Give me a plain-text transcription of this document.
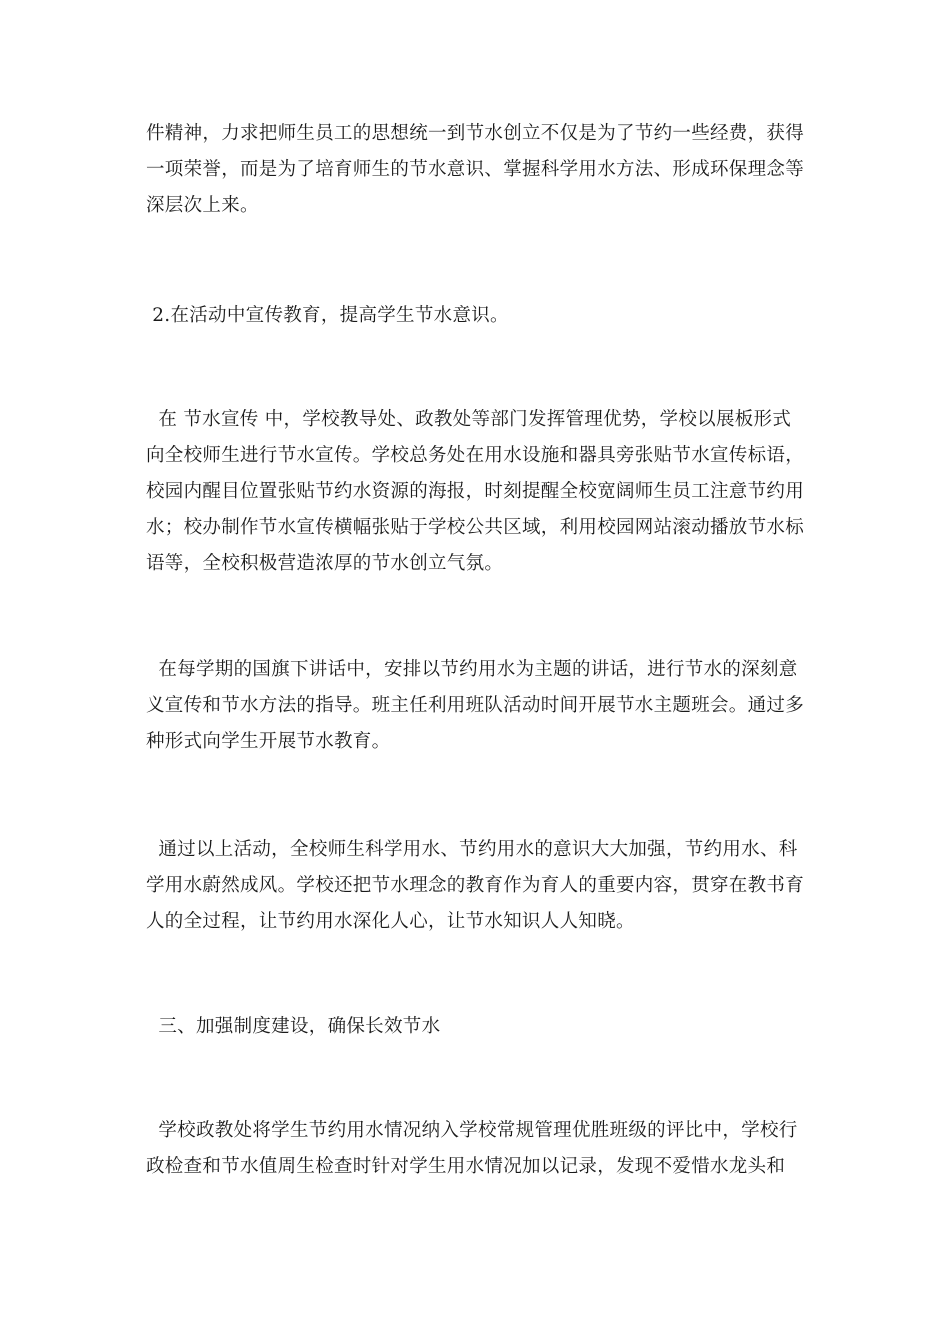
件精神，力求把师生员工的思想统一到节水创立不仅是为了节约一些经费，获得一项荣誉，而是为了培育师生的节水意识、掌握科学用水方法、形成环保理念等深层次上来。

2.在活动中宣传教育，提高学生节水意识。

在 节水宣传 中，学校教导处、政教处等部门发挥管理优势，学校以展板形式向全校师生进行节水宣传。学校总务处在用水设施和器具旁张贴节水宣传标语，校园内醒目位置张贴节约水资源的海报，时刻提醒全校宽阔师生员工注意节约用水；校办制作节水宣传横幅张贴于学校公共区域，利用校园网站滚动播放节水标语等，全校积极营造浓厚的节水创立气氛。

在每学期的国旗下讲话中，安排以节约用水为主题的讲话，进行节水的深刻意义宣传和节水方法的指导。班主任利用班队活动时间开展节水主题班会。通过多种形式向学生开展节水教育。

通过以上活动，全校师生科学用水、节约用水的意识大大加强，节约用水、科学用水蔚然成风。学校还把节水理念的教育作为育人的重要内容，贯穿在教书育人的全过程，让节约用水深化人心，让节水知识人人知晓。

三、加强制度建设，确保长效节水

学校政教处将学生节约用水情况纳入学校常规管理优胜班级的评比中，学校行政检查和节水值周生检查时针对学生用水情况加以记录，发现不爱惜水龙头和
